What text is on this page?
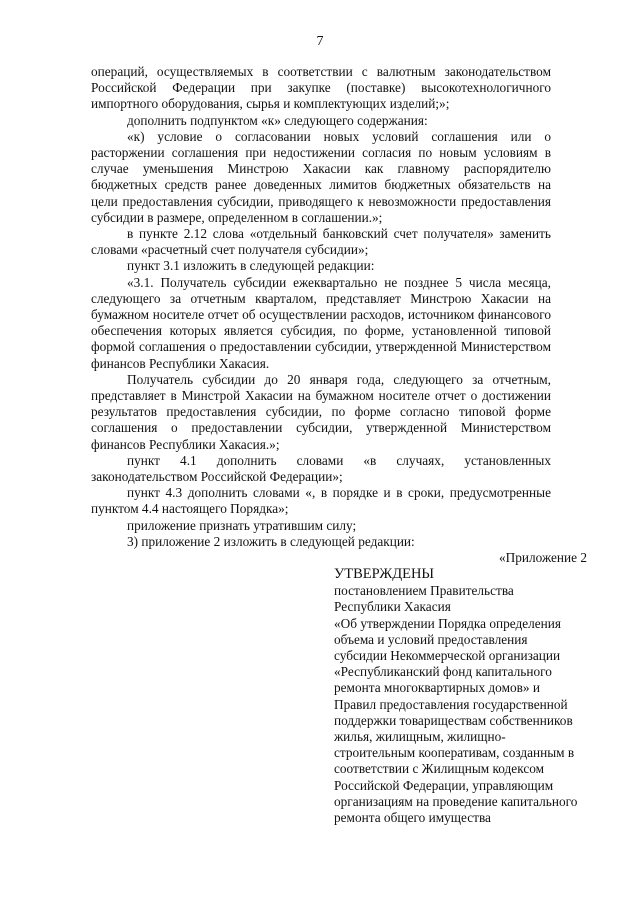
7

операций, осуществляемых в соответствии с валютным законодательством Российской Федерации при закупке (поставке) высокотехнологичного импортного оборудования, сырья и комплектующих изделий;»;

дополнить подпунктом «к» следующего содержания:

«к) условие о согласовании новых условий соглашения или о расторжении соглашения при недостижении согласия по новым условиям в случае уменьшения Минстрою Хакасии как главному распорядителю бюджетных средств ранее доведенных лимитов бюджетных обязательств на цели предоставления субсидии, приводящего к невозможности предоставления субсидии в размере, определенном в соглашении.»;

в пункте 2.12 слова «отдельный банковский счет получателя» заменить словами «расчетный счет получателя субсидии»;

пункт 3.1 изложить в следующей редакции:

«3.1. Получатель субсидии ежеквартально не позднее 5 числа месяца, следующего за отчетным кварталом, представляет Минстрою Хакасии на бумажном носителе отчет об осуществлении расходов, источником финансового обеспечения которых является субсидия, по форме, установленной типовой формой соглашения о предоставлении субсидии, утвержденной Министерством финансов Республики Хакасия.

Получатель субсидии до 20 января года, следующего за отчетным, представляет в Минстрой Хакасии на бумажном носителе отчет о достижении результатов предоставления субсидии, по форме согласно типовой форме соглашения о предоставлении субсидии, утвержденной Министерством финансов Республики Хакасия.»;

пункт 4.1 дополнить словами «в случаях, установленных законодательством Российской Федерации»;

пункт 4.3 дополнить словами «, в порядке и в сроки, предусмотренные пунктом 4.4 настоящего Порядка»;

приложение признать утратившим силу;

3) приложение 2 изложить в следующей редакции:

«Приложение 2

УТВЕРЖДЕНЫ
постановлением Правительства
Республики Хакасия
«Об утверждении Порядка определения
объема и условий предоставления
субсидии Некоммерческой организации
«Республиканский фонд капитального
ремонта многоквартирных домов» и
Правил предоставления государственной
поддержки товариществам собственников
жилья, жилищным, жилищно-
строительным кооперативам, созданным в
соответствии с Жилищным кодексом
Российской Федерации, управляющим
организациям на проведение капитального
ремонта общего имущества
